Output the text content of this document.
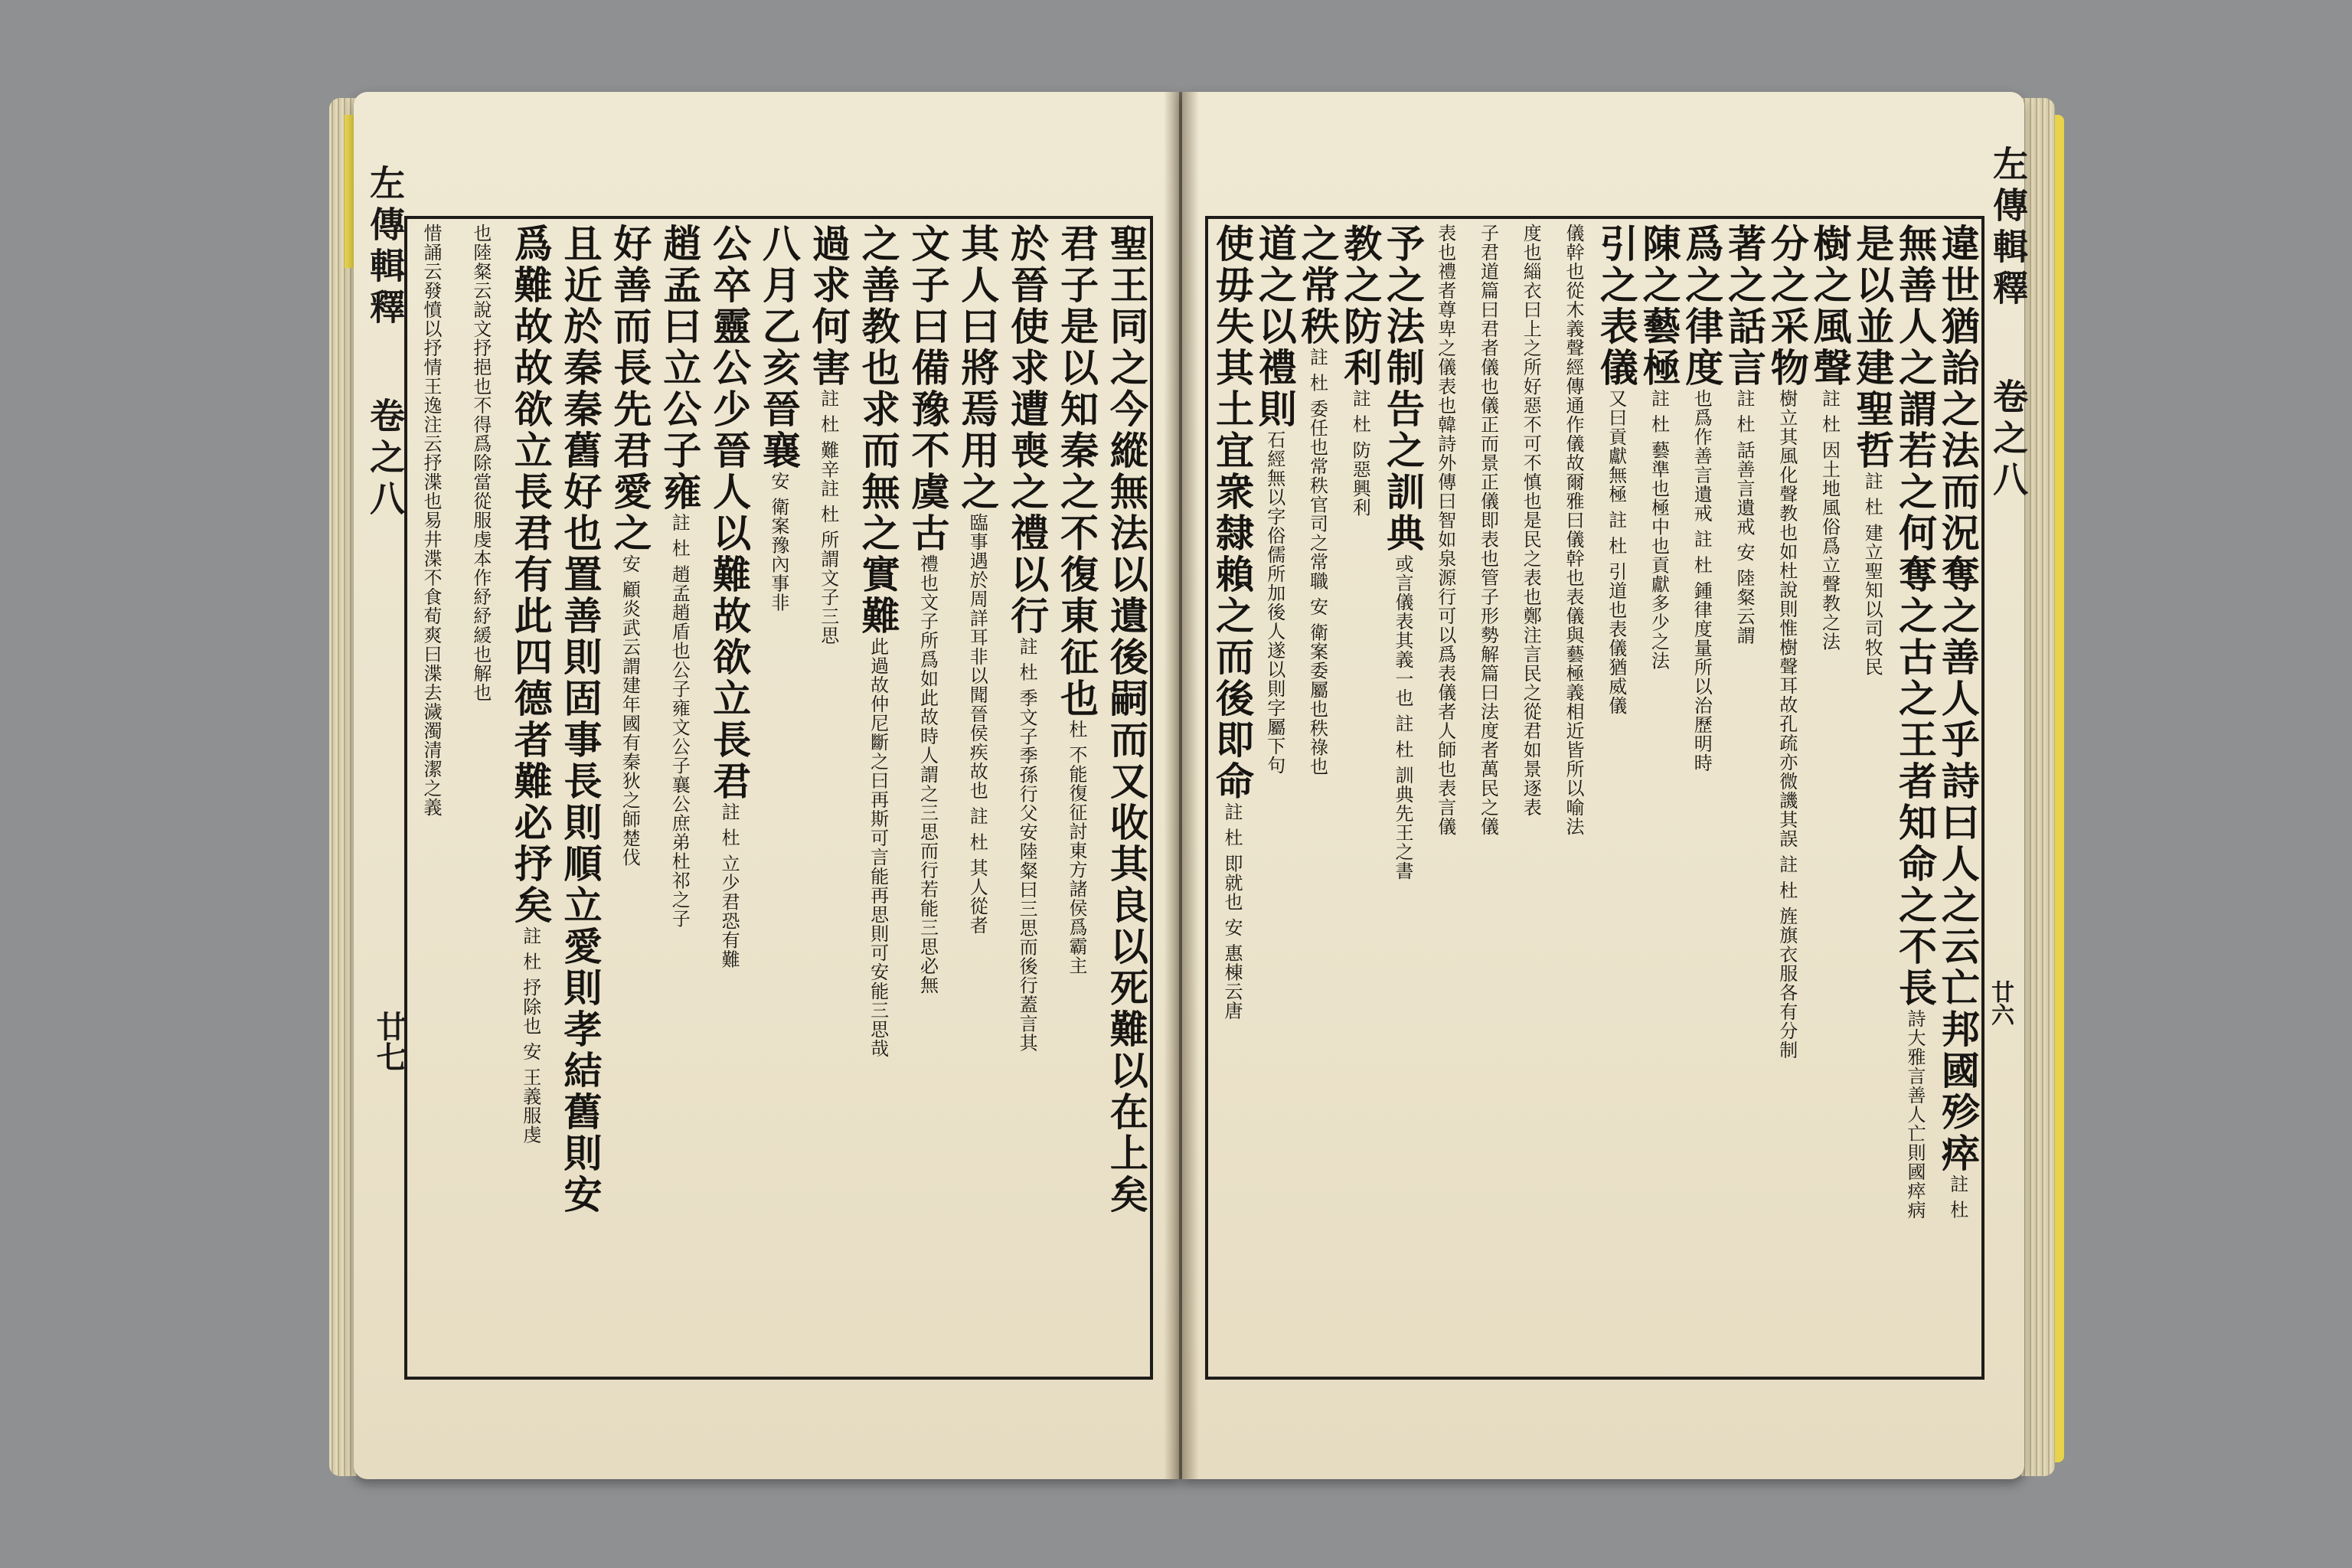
左傳輯釋  卷之八
廿七	聖王同之今縱無法以遺後嗣而又收其良以死難以在上矣
君子是以知秦之不復東征也杜 不能復征討東方諸侯爲霸主
於晉使求遭喪之禮以行註 杜 季文子季孫行父安陸粲曰三思而後行蓋言其
其人曰將焉用之臨事遇於周詳耳非以聞晉侯疾故也 註 杜 其人從者
文子曰備豫不虞古禮也文子所爲如此故時人謂之三思而行若能三思必無
之善教也求而無之實難此過故仲尼斷之曰再斯可言能再思則可安能三思哉
過求何害註 杜 難辛註 杜 所謂文子三思
八月乙亥晉襄安 衛案豫內事非
公卒靈公少晉人以難故欲立長君註 杜 立少君恐有難
趙孟曰立公子雍註 杜 趙孟趙盾也公子雍文公子襄公庶弟杜祁之子
好善而長先君愛之安 顧炎武云謂建年國有秦狄之師楚伐
且近於秦秦舊好也置善則固事長則順立愛則孝結舊則安
爲難故故欲立長君有此四德者難必抒矣註 杜 抒除也 安 王義服虔
也陸粲云說文抒挹也不得爲除當從服虔本作紓紓緩也解也
惜誦云發憤以抒情王逸注云抒渫也易井渫不食荀爽曰渫去濊濁清潔之義	左傳輯釋  卷之八
廿六
違世猶詒之法而況奪之善人乎詩曰人之云亡邦國殄瘁註 杜
無善人之謂若之何奪之古之王者知命之不長詩大雅言善人亡則國瘁病
是以並建聖哲註 杜 建立聖知以司牧民
樹之風聲註 杜 因土地風俗爲立聲教之法
分之采物樹立其風化聲教也如杜說則惟樹聲耳故孔疏亦微譏其誤 註 杜 旌旗衣服各有分制
著之話言註 杜 話善言遺戒 安 陸粲云謂
爲之律度也爲作善言遺戒 註 杜 鍾律度量所以治歷明時
陳之藝極註 杜 藝準也極中也貢獻多少之法
引之表儀又曰貢獻無極 註 杜 引道也表儀猶威儀
儀幹也從木義聲經傳通作儀故爾雅曰儀幹也表儀與藝極義相近皆所以喻法
度也緇衣曰上之所好惡不可不慎也是民之表也鄭注言民之從君如景逐表
子君道篇曰君者儀也儀正而景正儀即表也管子形勢解篇曰法度者萬民之儀
表也禮者尊卑之儀表也韓詩外傳曰智如泉源行可以爲表儀者人師也表言儀
予之法制告之訓典或言儀表其義一也 註 杜 訓典先王之書
教之防利註 杜 防惡興利
之常秩註 杜 委任也常秩官司之常職 安 衛案委屬也秩祿也
道之以禮則石經無以字俗儒所加後人遂以則字屬下句
使毋失其土宜衆隸賴之而後即命註 杜 即就也 安 惠棟云唐
